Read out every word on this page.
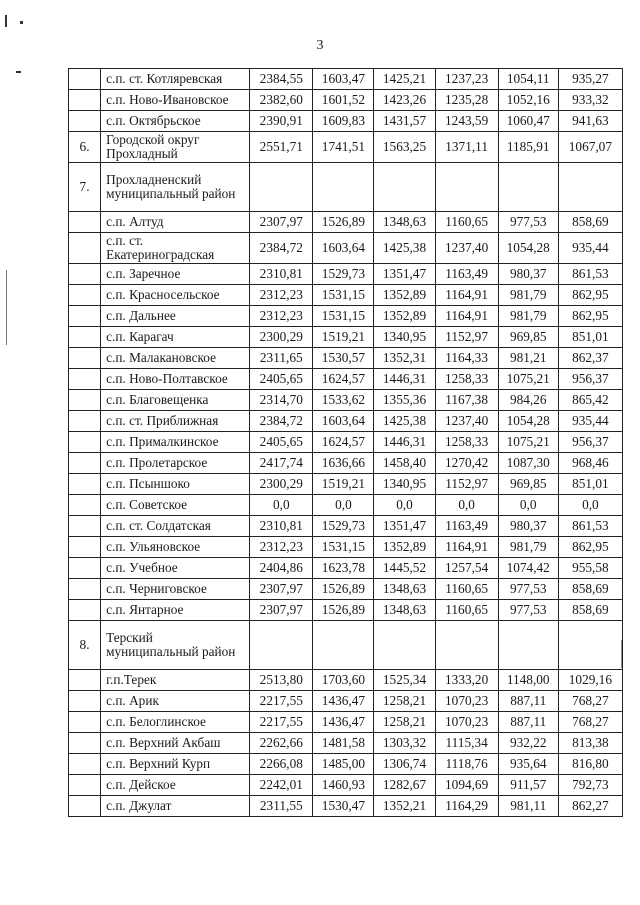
3
	с.п. ст. Котляревская	2384,55	1603,47	1425,21	1237,23	1054,11	935,27
	с.п. Ново-Ивановское	2382,60	1601,52	1423,26	1235,28	1052,16	933,32
	с.п. Октябрьское	2390,91	1609,83	1431,57	1243,59	1060,47	941,63
6.	Городской округ Прохладный	2551,71	1741,51	1563,25	1371,11	1185,91	1067,07
7.	Прохладненский муниципальный район						
	с.п. Алтуд	2307,97	1526,89	1348,63	1160,65	977,53	858,69
	с.п. ст. Екатериноградская	2384,72	1603,64	1425,38	1237,40	1054,28	935,44
	с.п. Заречное	2310,81	1529,73	1351,47	1163,49	980,37	861,53
	с.п. Красносельское	2312,23	1531,15	1352,89	1164,91	981,79	862,95
	с.п. Дальнее	2312,23	1531,15	1352,89	1164,91	981,79	862,95
	с.п. Карагач	2300,29	1519,21	1340,95	1152,97	969,85	851,01
	с.п. Малакановское	2311,65	1530,57	1352,31	1164,33	981,21	862,37
	с.п. Ново-Полтавское	2405,65	1624,57	1446,31	1258,33	1075,21	956,37
	с.п. Благовещенка	2314,70	1533,62	1355,36	1167,38	984,26	865,42
	с.п. ст. Приближная	2384,72	1603,64	1425,38	1237,40	1054,28	935,44
	с.п. Прималкинское	2405,65	1624,57	1446,31	1258,33	1075,21	956,37
	с.п. Пролетарское	2417,74	1636,66	1458,40	1270,42	1087,30	968,46
	с.п. Псыншоко	2300,29	1519,21	1340,95	1152,97	969,85	851,01
	с.п. Советское	0,0	0,0	0,0	0,0	0,0	0,0
	с.п. ст. Солдатская	2310,81	1529,73	1351,47	1163,49	980,37	861,53
	с.п. Ульяновское	2312,23	1531,15	1352,89	1164,91	981,79	862,95
	с.п. Учебное	2404,86	1623,78	1445,52	1257,54	1074,42	955,58
	с.п. Черниговское	2307,97	1526,89	1348,63	1160,65	977,53	858,69
	с.п. Янтарное	2307,97	1526,89	1348,63	1160,65	977,53	858,69
8.	Терский муниципальный район						
	г.п.Терек	2513,80	1703,60	1525,34	1333,20	1148,00	1029,16
	с.п. Арик	2217,55	1436,47	1258,21	1070,23	887,11	768,27
	с.п. Белоглинское	2217,55	1436,47	1258,21	1070,23	887,11	768,27
	с.п. Верхний Акбаш	2262,66	1481,58	1303,32	1115,34	932,22	813,38
	с.п. Верхний Курп	2266,08	1485,00	1306,74	1118,76	935,64	816,80
	с.п. Дейское	2242,01	1460,93	1282,67	1094,69	911,57	792,73
	с.п. Джулат	2311,55	1530,47	1352,21	1164,29	981,11	862,27
